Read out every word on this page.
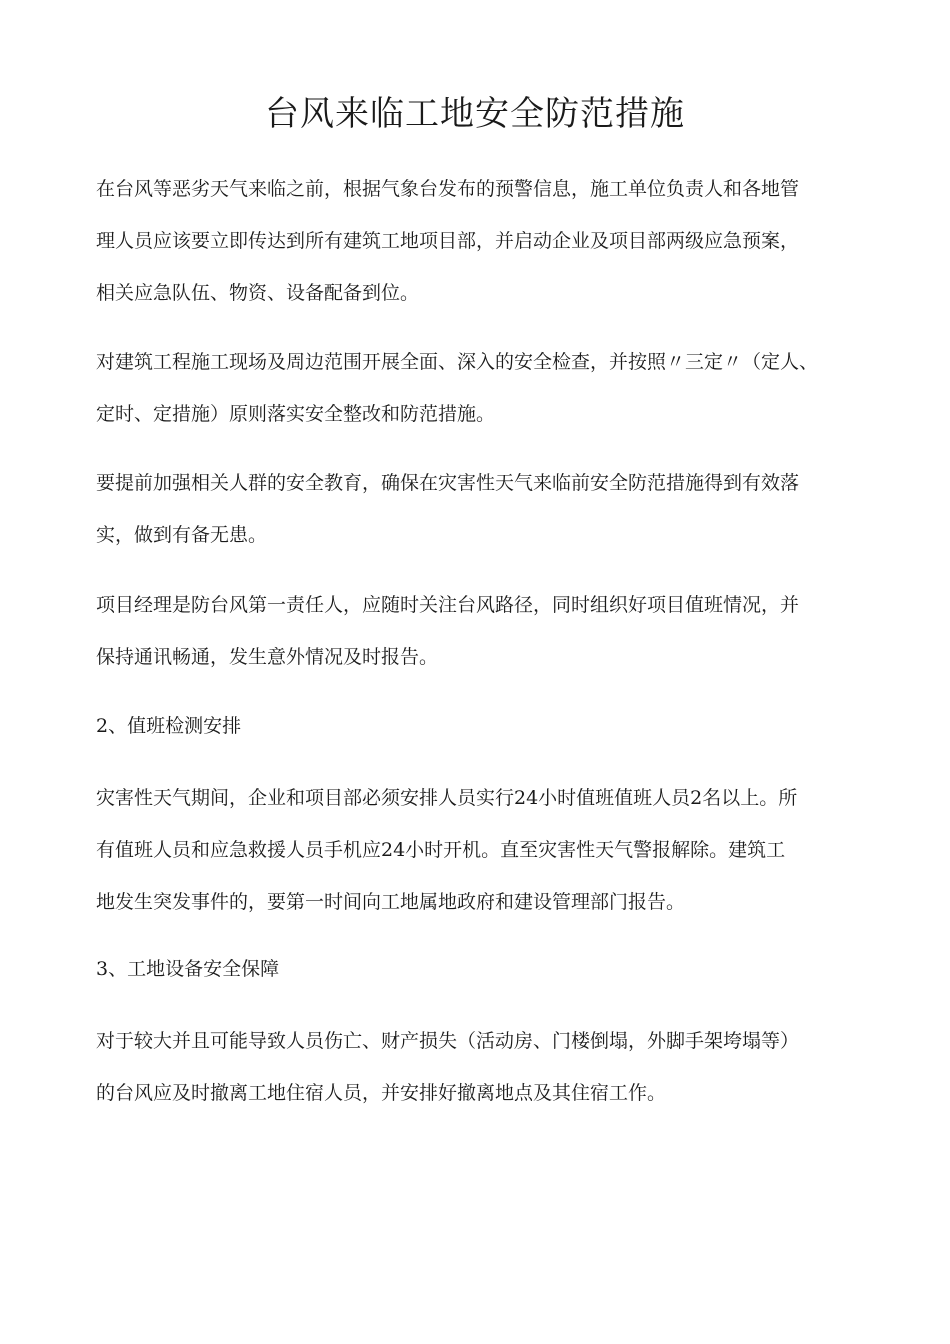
台风来临工地安全防范措施

在台风等恶劣天气来临之前，根据气象台发布的预警信息，施工单位负责人和各地管
理人员应该要立即传达到所有建筑工地项目部，并启动企业及项目部两级应急预案，
相关应急队伍、物资、设备配备到位。

对建筑工程施工现场及周边范围开展全面、深入的安全检查，并按照〃三定〃（定人、
定时、定措施）原则落实安全整改和防范措施。

要提前加强相关人群的安全教育，确保在灾害性天气来临前安全防范措施得到有效落
实，做到有备无患。

项目经理是防台风第一责任人，应随时关注台风路径，同时组织好项目值班情况，并
保持通讯畅通，发生意外情况及时报告。

2、值班检测安排

灾害性天气期间，企业和项目部必须安排人员实行24小时值班值班人员2名以上。所
有值班人员和应急救援人员手机应24小时开机。直至灾害性天气警报解除。建筑工
地发生突发事件的，要第一时间向工地属地政府和建设管理部门报告。

3、工地设备安全保障

对于较大并且可能导致人员伤亡、财产损失（活动房、门楼倒塌，外脚手架垮塌等）
的台风应及时撤离工地住宿人员，并安排好撤离地点及其住宿工作。
